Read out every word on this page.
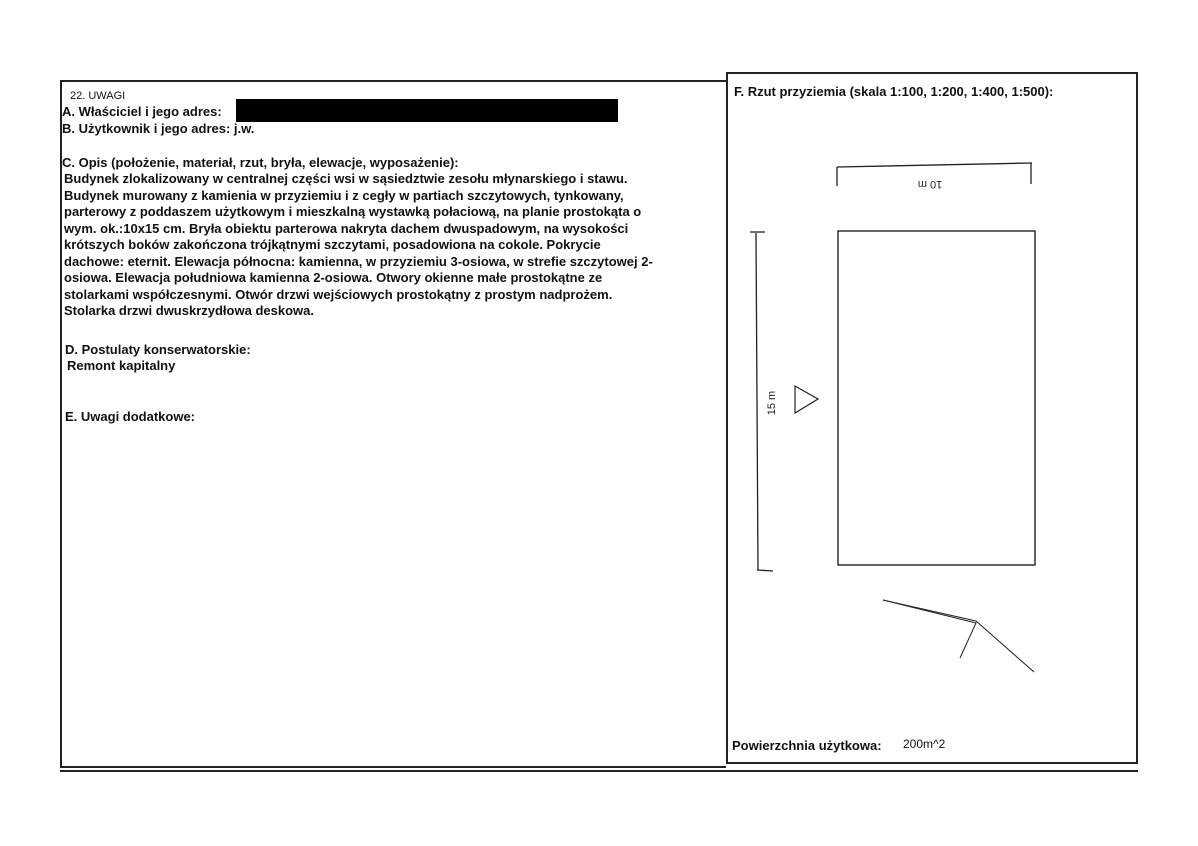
22. UWAGI
A. Właściciel i jego adres:
B. Użytkownik i jego adres: j.w.
C. Opis (położenie, materiał, rzut, bryła, elewacje, wyposażenie):
Budynek zlokalizowany w centralnej części wsi w sąsiedztwie zesołu młynarskiego i stawu.
Budynek murowany z kamienia w przyziemiu i z cegły w partiach szczytowych, tynkowany,
parterowy z poddaszem użytkowym i mieszkalną wystawką połaciową, na planie prostokąta o
wym. ok.:10x15 cm. Bryła obiektu parterowa nakryta dachem dwuspadowym, na wysokości
krótszych boków zakończona trójkątnymi szczytami, posadowiona na cokole. Pokrycie
dachowe: eternit. Elewacja północna: kamienna, w przyziemiu 3-osiowa, w strefie szczytowej 2-
osiowa. Elewacja południowa kamienna 2-osiowa. Otwory okienne małe prostokątne ze
stolarkami współczesnymi. Otwór drzwi wejściowych prostokątny z prostym nadprożem.
Stolarka drzwi dwuskrzydłowa deskowa.
D. Postulaty konserwatorskie:
Remont kapitalny
E. Uwagi dodatkowe:
F. Rzut przyziemia (skala 1:100, 1:200, 1:400, 1:500):
10 m
15 m
Powierzchnia użytkowa: 200m^2
